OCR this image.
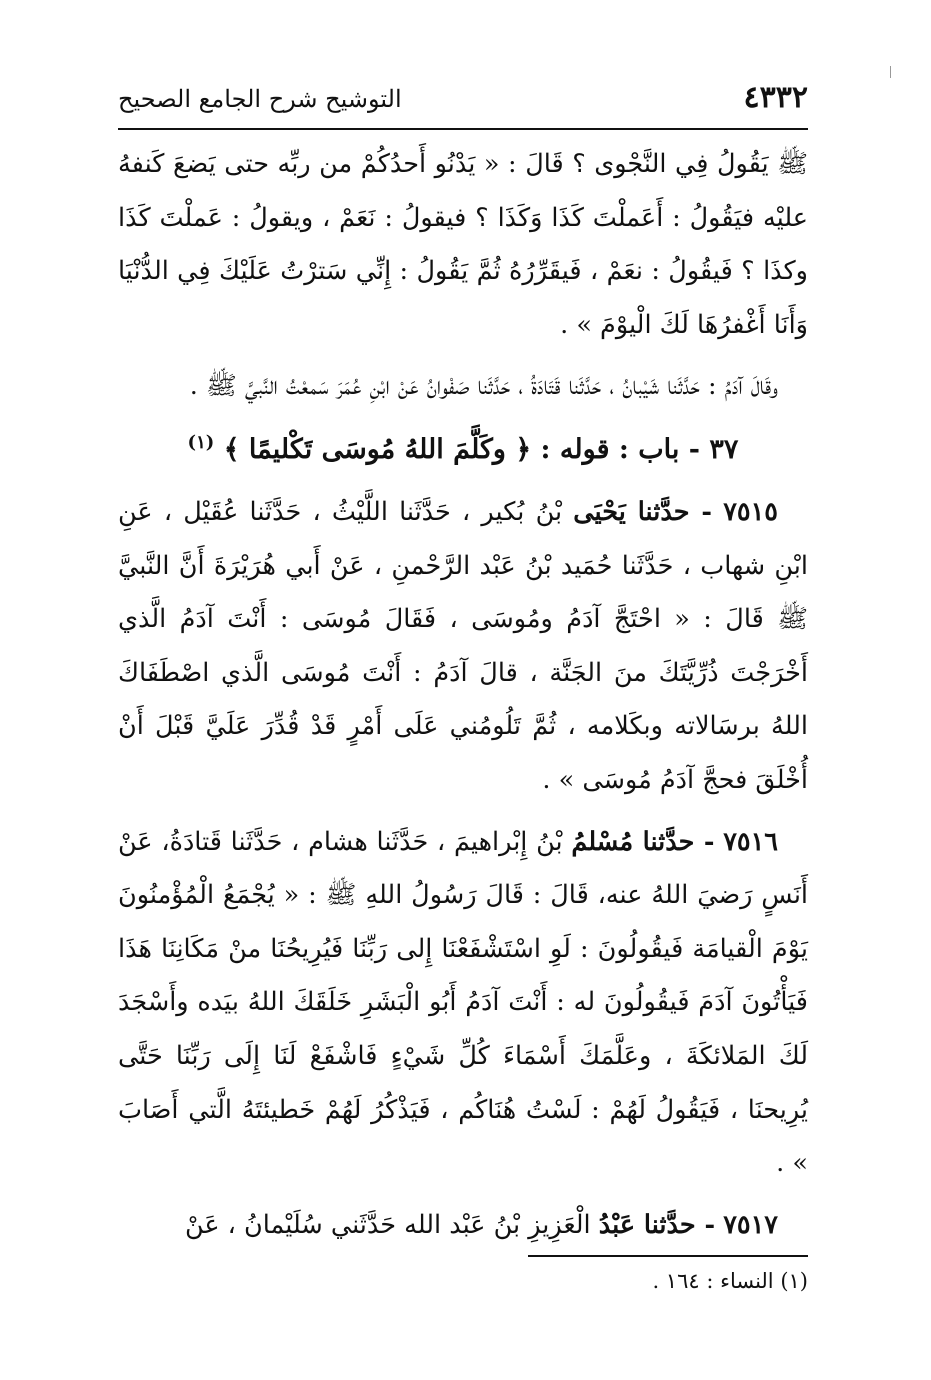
٤٣٣٢
التوشيح شرح الجامع الصحيح

ﷺ يَقُولُ فِي النَّجْوى ؟ قَالَ : « يَدْنُو أَحدُكُمْ من ربِّه حتى يَضعَ كَنفهُ عليْه فيَقُولُ : أَعَملْتَ كَذَا وَكَذَا ؟ فيقولُ : نَعَمْ ، ويقولُ : عَملْتَ كَذَا وكذَا ؟ فَيقُولُ : نعَمْ ، فَيقَرِّرُهُ ثُمَّ يَقُولُ : إِنِّي سَترْتُ عَلَيْكَ فِي الدُّنْيَا وَأَنَا أَغْفرُهَا لَكَ الْيوْمَ » .

وقَالَ آدَمُ : حَدَّثَنا شَيْبانُ ، حَدَّثَنا قَتَادَةُ ، حَدَّثَنا صَفْوانُ عَنْ ابْنِ عُمَرَ سَمعْتُ النَّبيَّ ﷺ .

٣٧ - باب : قوله : ﴿ وكَلَّمَ اللهُ مُوسَى تَكْليمًا ﴾ $^{(١)}$

٧٥١٥ - حدَّثنا يَحْيَى بْنُ بُكير ، حَدَّثَنا اللَّيْثُ ، حَدَّثَنا عُقَيْل ، عَنِ ابْنِ شهاب ، حَدَّثَنا حُمَيد بْنُ عَبْد الرَّحْمنِ ، عَنْ أَبي هُرَيْرَةَ أَنَّ النَّبيَّ ﷺ قَالَ : « احْتَجَّ آدَمُ ومُوسَى ، فَقَالَ مُوسَى : أَنْتَ آدَمُ الَّذي أَخْرَجْتَ ذُرِّيَّتَكَ منَ الجَنَّة ، قالَ آدَمُ : أَنْتَ مُوسَى الَّذي اصْطَفَاكَ اللهُ برسَالاته وبكَلامه ، ثُمَّ تَلُومُني عَلَى أَمْرٍ قَدْ قُدِّرَ عَلَيَّ قَبْلَ أَنْ أُخْلَقَ فحجَّ آدَمُ مُوسَى » .

٧٥١٦ - حدَّثنا مُسْلمُ بْنُ إِبْراهيمَ ، حَدَّثَنا هشام ، حَدَّثَنا قَتادَةُ، عَنْ أَنَسٍ رَضيَ اللهُ عنه، قَالَ : قَالَ رَسُولُ اللهِ ﷺ : « يُجْمَعُ الْمُؤْمنُونَ يَوْمَ الْقيامَة فَيقُولُونَ : لَوِ اسْتَشْفَعْنَا إِلى رَبِّنَا فَيُرِيحُنَا منْ مَكَانِنَا هَذَا فَيَأْتُونَ آدَمَ فَيقُولُونَ له : أَنْتَ آدَمُ أَبُو الْبَشَرِ خَلَقَكَ اللهُ بيَده وأَسْجَدَ لَكَ المَلائكَةَ ، وعَلَّمَكَ أَسْمَاءَ كُلِّ شَيْءٍ فَاشْفَعْ لَنَا إِلَى رَبِّنَا حَتَّى يُرِيحنَا ، فَيَقُولُ لَهُمْ : لَسْتُ هُنَاكُم ، فَيَذْكُرُ لَهُمْ خَطيئتَهُ الَّتي أَصَابَ » .

٧٥١٧ - حدَّثنا عَبْدُ الْعَزِيزِ بْنُ عَبْد الله حَدَّثَني سُلَيْمانُ ، عَنْ

(١) النساء : ١٦٤ .
